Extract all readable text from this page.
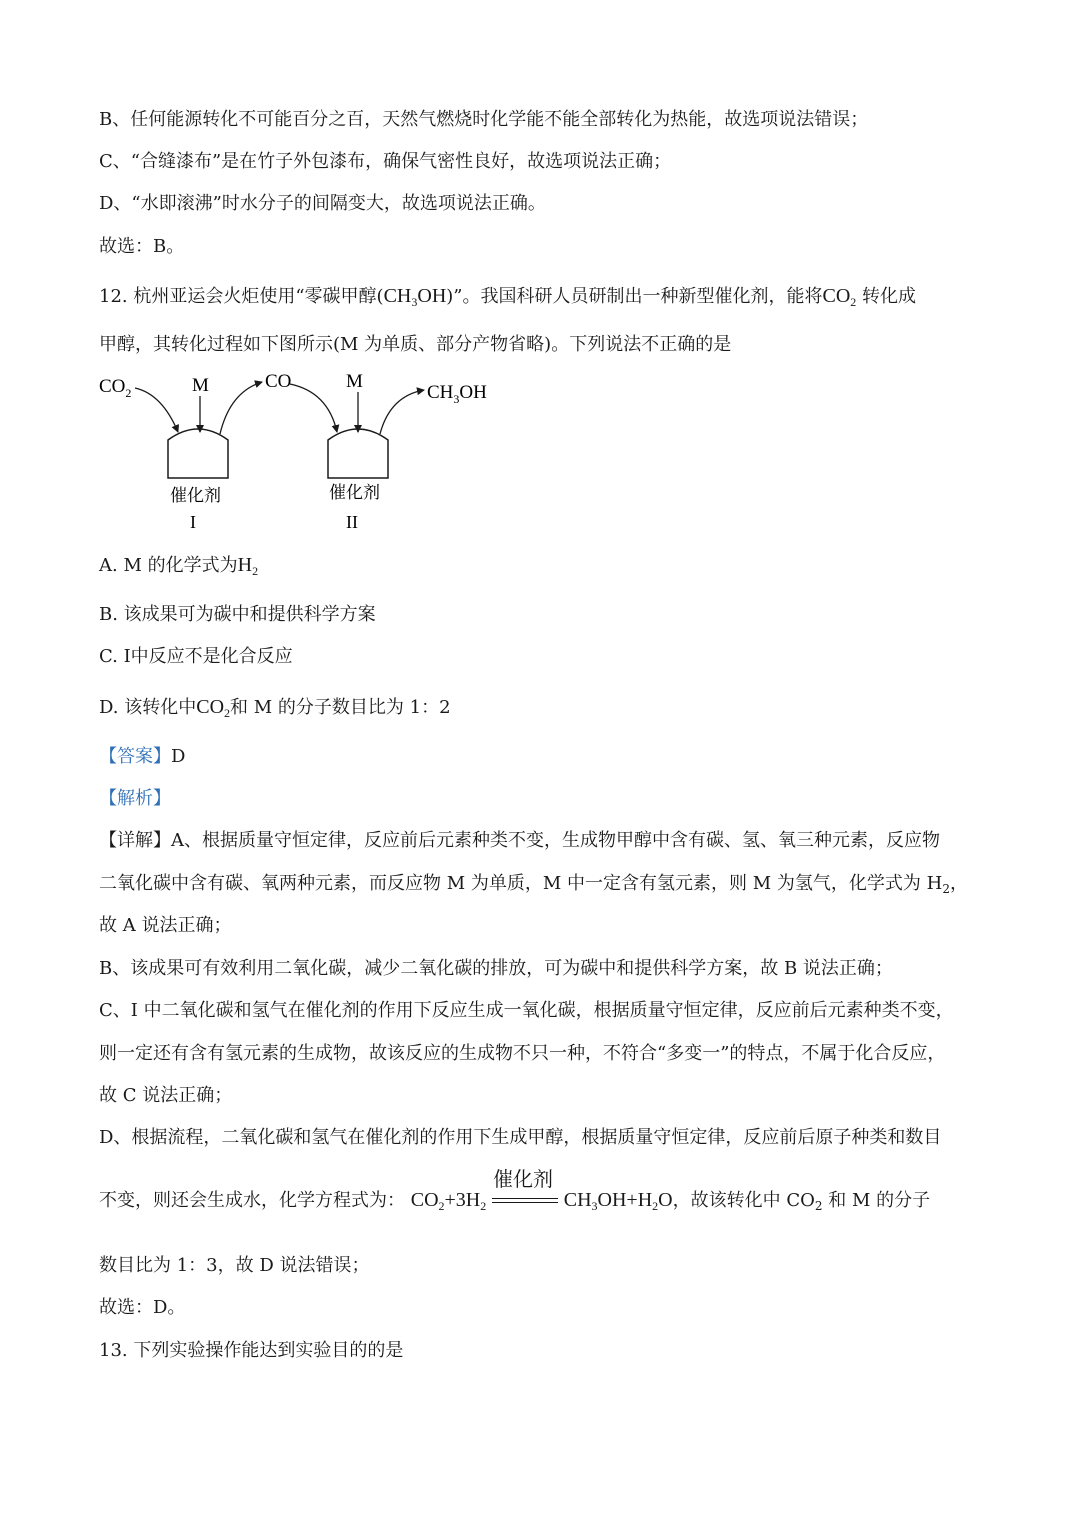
B、任何能源转化不可能百分之百，天然气燃烧时化学能不能全部转化为热能，故选项说法错误；
C、“合缝漆布”是在竹子外包漆布，确保气密性良好，故选项说法正确；
D、“水即滚沸”时水分子的间隔变大，故选项说法正确。
故选：B。
12. 杭州亚运会火炬使用“零碳甲醇$(CH_3OH)$”。我国科研人员研制出一种新型催化剂，能将$CO_2$ 转化成
甲醇，其转化过程如下图所示(M 为单质、部分产物省略)。下列说法不正确的是
$CO_2$	M	CO	M
$CH_3OH$
催化剂
I
催化剂
II
A. M 的化学式为$H_2$
B. 该成果可为碳中和提供科学方案
C. I中反应不是化合反应
D. 该转化中$CO_2$和 M 的分子数目比为 1：2
【答案】D
【解析】
【详解】A、根据质量守恒定律，反应前后元素种类不变，生成物甲醇中含有碳、氢、氧三种元素，反应物
二氧化碳中含有碳、氧两种元素，而反应物 M 为单质，M 中一定含有氢元素，则 M 为氢气，化学式为 $H_2$，
故 A 说法正确；
B、该成果可有效利用二氧化碳，减少二氧化碳的排放，可为碳中和提供科学方案，故 B 说法正确；
C、I 中二氧化碳和氢气在催化剂的作用下反应生成一氧化碳，根据质量守恒定律，反应前后元素种类不变，
则一定还有含有氢元素的生成物，故该反应的生成物不只一种，不符合“多变一”的特点，不属于化合反应，
故 C 说法正确；
D、根据流程，二氧化碳和氢气在催化剂的作用下生成甲醇，根据质量守恒定律，反应前后原子种类和数目
不变，则还会生成水，化学方程式为： $CO_2+3H_2$
催化剂
$CH_3OH+H_2O$，故该转化中 $CO_2$ 和 M 的分子
数目比为 1：3，故 D 说法错误；
故选：D。
13. 下列实验操作能达到实验目的的是
